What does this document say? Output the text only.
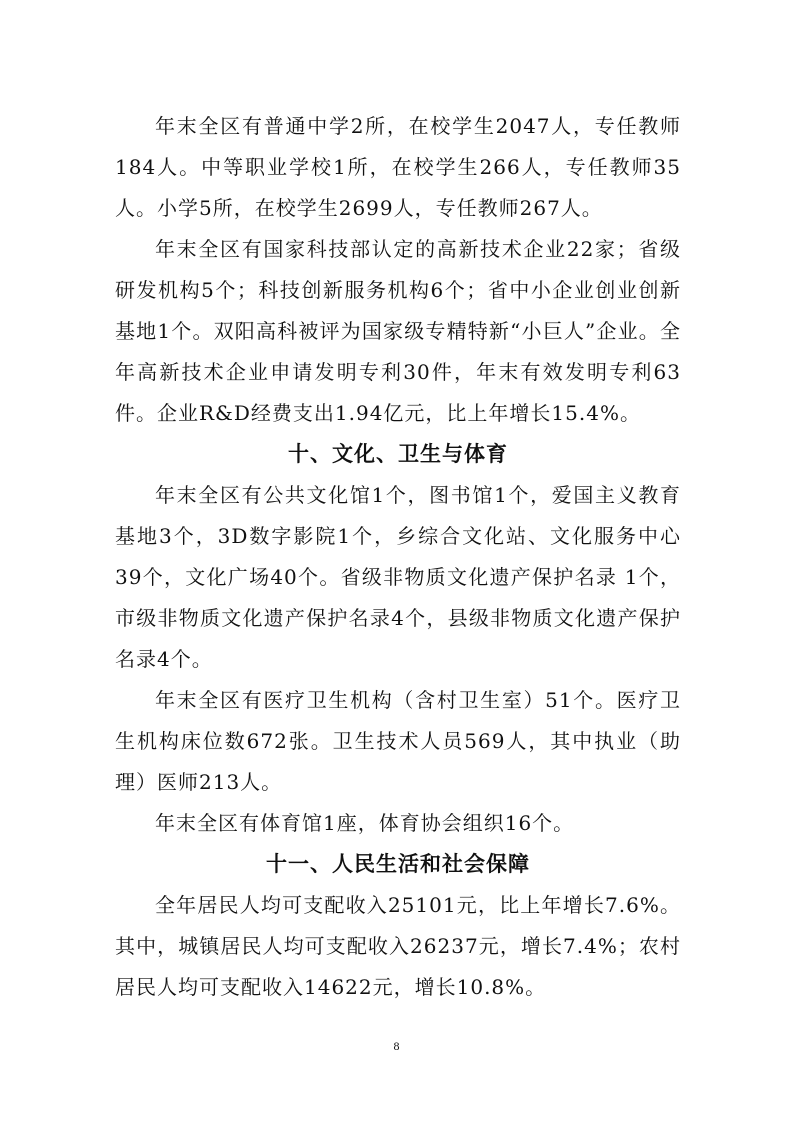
年末全区有普通中学2所，在校学生2047人，专任教师184人。中等职业学校1所，在校学生266人，专任教师35人。小学5所，在校学生2699人，专任教师267人。

年末全区有国家科技部认定的高新技术企业22家；省级研发机构5个；科技创新服务机构6个；省中小企业创业创新基地1个。双阳高科被评为国家级专精特新“小巨人”企业。全年高新技术企业申请发明专利30件，年末有效发明专利63件。企业R&D经费支出1.94亿元，比上年增长15.4%。

十、文化、卫生与体育

年末全区有公共文化馆1个，图书馆1个，爱国主义教育基地3个，3D数字影院1个，乡综合文化站、文化服务中心39个，文化广场40个。省级非物质文化遗产保护名录 1个，市级非物质文化遗产保护名录4个，县级非物质文化遗产保护名录4个。

年末全区有医疗卫生机构（含村卫生室）51个。医疗卫生机构床位数672张。卫生技术人员569人，其中执业（助理）医师213人。

年末全区有体育馆1座，体育协会组织16个。

十一、人民生活和社会保障

全年居民人均可支配收入25101元，比上年增长7.6%。其中，城镇居民人均可支配收入26237元，增长7.4%；农村居民人均可支配收入14622元，增长10.8%。

8
